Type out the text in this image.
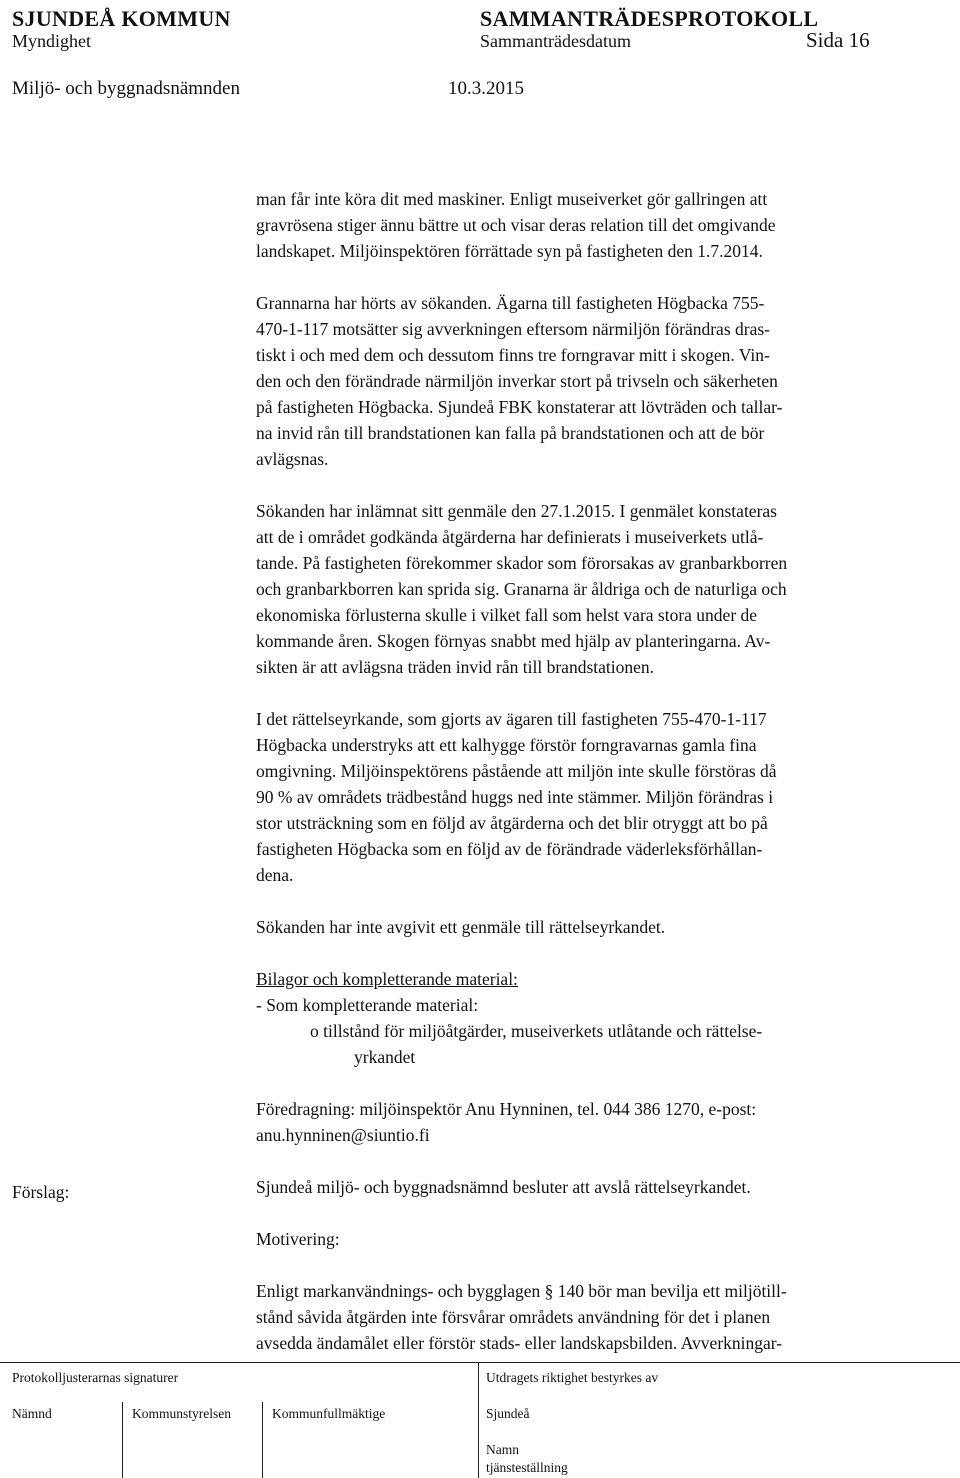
SJUNDEÅ KOMMUN	SAMMANTRÄDESPROTOKOLL
Myndighet	Sammanträdesdatum	Sida 16
Miljö- och byggnadsnämnden	10.3.2015
man får inte köra dit med maskiner. Enligt museiverket gör gallringen att
gravrösena stiger ännu bättre ut och visar deras relation till det omgivande
landskapet. Miljöinspektören förrättade syn på fastigheten den 1.7.2014.
Grannarna har hörts av sökanden. Ägarna till fastigheten Högbacka 755-
470-1-117 motsätter sig avverkningen eftersom närmiljön förändras dras-
tiskt i och med dem och dessutom finns tre forngravar mitt i skogen. Vin-
den och den förändrade närmiljön inverkar stort på trivseln och säkerheten
på fastigheten Högbacka. Sjundeå FBK konstaterar att lövträden och tallar-
na invid rån till brandstationen kan falla på brandstationen och att de bör
avlägsnas.
Sökanden har inlämnat sitt genmäle den 27.1.2015. I genmälet konstateras
att de i området godkända åtgärderna har definierats i museiverkets utlå-
tande. På fastigheten förekommer skador som förorsakas av granbarkborren
och granbarkborren kan sprida sig. Granarna är åldriga och de naturliga och
ekonomiska förlusterna skulle i vilket fall som helst vara stora under de
kommande åren. Skogen förnyas snabbt med hjälp av planteringarna. Av-
sikten är att avlägsna träden invid rån till brandstationen.
I det rättelseyrkande, som gjorts av ägaren till fastigheten 755-470-1-117
Högbacka understryks att ett kalhygge förstör forngravarnas gamla fina
omgivning. Miljöinspektörens påstående att miljön inte skulle förstöras då
90 % av områdets trädbestånd huggs ned inte stämmer. Miljön förändras i
stor utsträckning som en följd av åtgärderna och det blir otryggt att bo på
fastigheten Högbacka som en följd av de förändrade väderleksförhållan-
dena.
Sökanden har inte avgivit ett genmäle till rättelseyrkandet.
Bilagor och kompletterande material:
- Som kompletterande material:
o tillstånd för miljöåtgärder, museiverkets utlåtande och rättelse-
yrkandet
Föredragning: miljöinspektör Anu Hynninen, tel. 044 386 1270, e-post:
anu.hynninen@siuntio.fi
Sjundeå miljö- och byggnadsnämnd besluter att avslå rättelseyrkandet.
Motivering:
Enligt markanvändnings- och bygglagen § 140 bör man bevilja ett miljötill-
stånd såvida åtgärden inte försvårar områdets användning för det i planen
avsedda ändamålet eller förstör stads- eller landskapsbilden. Avverkningar-
Förslag:
Protokolljusterarnas signaturer	Utdragets riktighet bestyrkes av
Nämnd	Kommunstyrelsen	Kommunfullmäktige	Sjundeå
Namn
tjänsteställning
